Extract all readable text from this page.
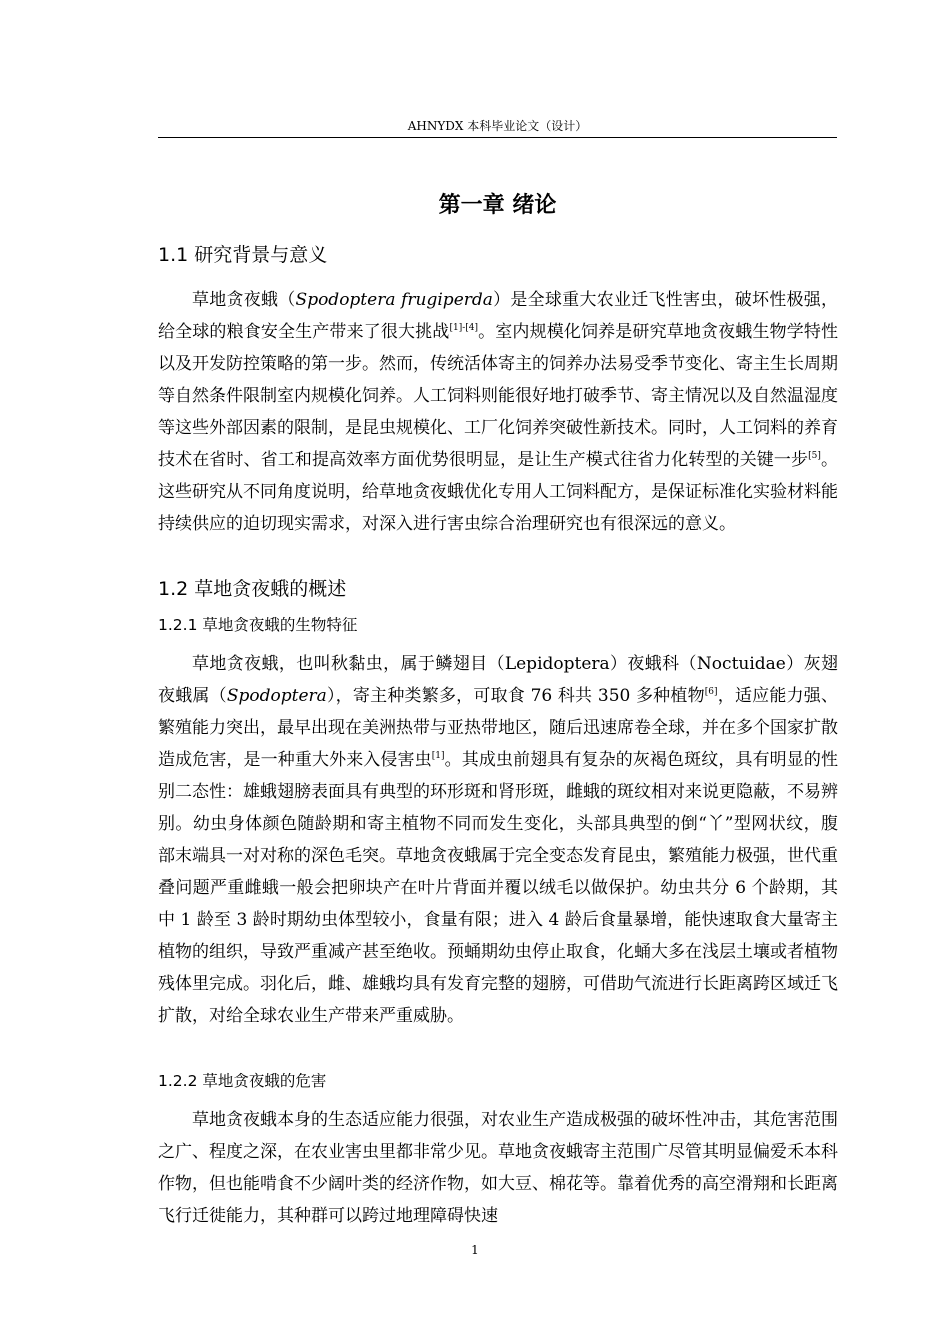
AHNYDX 本科毕业论文（设计）
第一章 绪论
1.1 研究背景与意义

草地贪夜蛾（Spodoptera frugiperda）是全球重大农业迁飞性害虫，破坏性极强，给全球的粮食安全生产带来了很大挑战[1]-[4]。室内规模化饲养是研究草地贪夜蛾生物学特性以及开发防控策略的第一步。然而，传统活体寄主的饲养办法易受季节变化、寄主生长周期等自然条件限制室内规模化饲养。人工饲料则能很好地打破季节、寄主情况以及自然温湿度等这些外部因素的限制，是昆虫规模化、工厂化饲养突破性新技术。同时，人工饲料的养育技术在省时、省工和提高效率方面优势很明显，是让生产模式往省力化转型的关键一步[5]。这些研究从不同角度说明，给草地贪夜蛾优化专用人工饲料配方，是保证标准化实验材料能持续供应的迫切现实需求，对深入进行害虫综合治理研究也有很深远的意义。

1.2 草地贪夜蛾的概述
1.2.1 草地贪夜蛾的生物特征

草地贪夜蛾，也叫秋黏虫，属于鳞翅目（Lepidoptera）夜蛾科（Noctuidae）灰翅夜蛾属（Spodoptera），寄主种类繁多，可取食 76 科共 350 多种植物[6]，适应能力强、繁殖能力突出，最早出现在美洲热带与亚热带地区，随后迅速席卷全球，并在多个国家扩散造成危害，是一种重大外来入侵害虫[1]。其成虫前翅具有复杂的灰褐色斑纹，具有明显的性别二态性：雄蛾翅膀表面具有典型的环形斑和肾形斑，雌蛾的斑纹相对来说更隐蔽，不易辨别。幼虫身体颜色随龄期和寄主植物不同而发生变化，头部具典型的倒“丫”型网状纹，腹部末端具一对对称的深色毛突。草地贪夜蛾属于完全变态发育昆虫，繁殖能力极强，世代重叠问题严重雌蛾一般会把卵块产在叶片背面并覆以绒毛以做保护。幼虫共分 6 个龄期，其中 1 龄至 3 龄时期幼虫体型较小，食量有限；进入 4 龄后食量暴增，能快速取食大量寄主植物的组织，导致严重减产甚至绝收。预蛹期幼虫停止取食，化蛹大多在浅层土壤或者植物残体里完成。羽化后，雌、雄蛾均具有发育完整的翅膀，可借助气流进行长距离跨区域迁飞扩散，对给全球农业生产带来严重威胁。

1.2.2 草地贪夜蛾的危害

草地贪夜蛾本身的生态适应能力很强，对农业生产造成极强的破坏性冲击，其危害范围之广、程度之深，在农业害虫里都非常少见。草地贪夜蛾寄主范围广尽管其明显偏爱禾本科作物，但也能啃食不少阔叶类的经济作物，如大豆、棉花等。靠着优秀的高空滑翔和长距离飞行迁徙能力，其种群可以跨过地理障碍快速

1
